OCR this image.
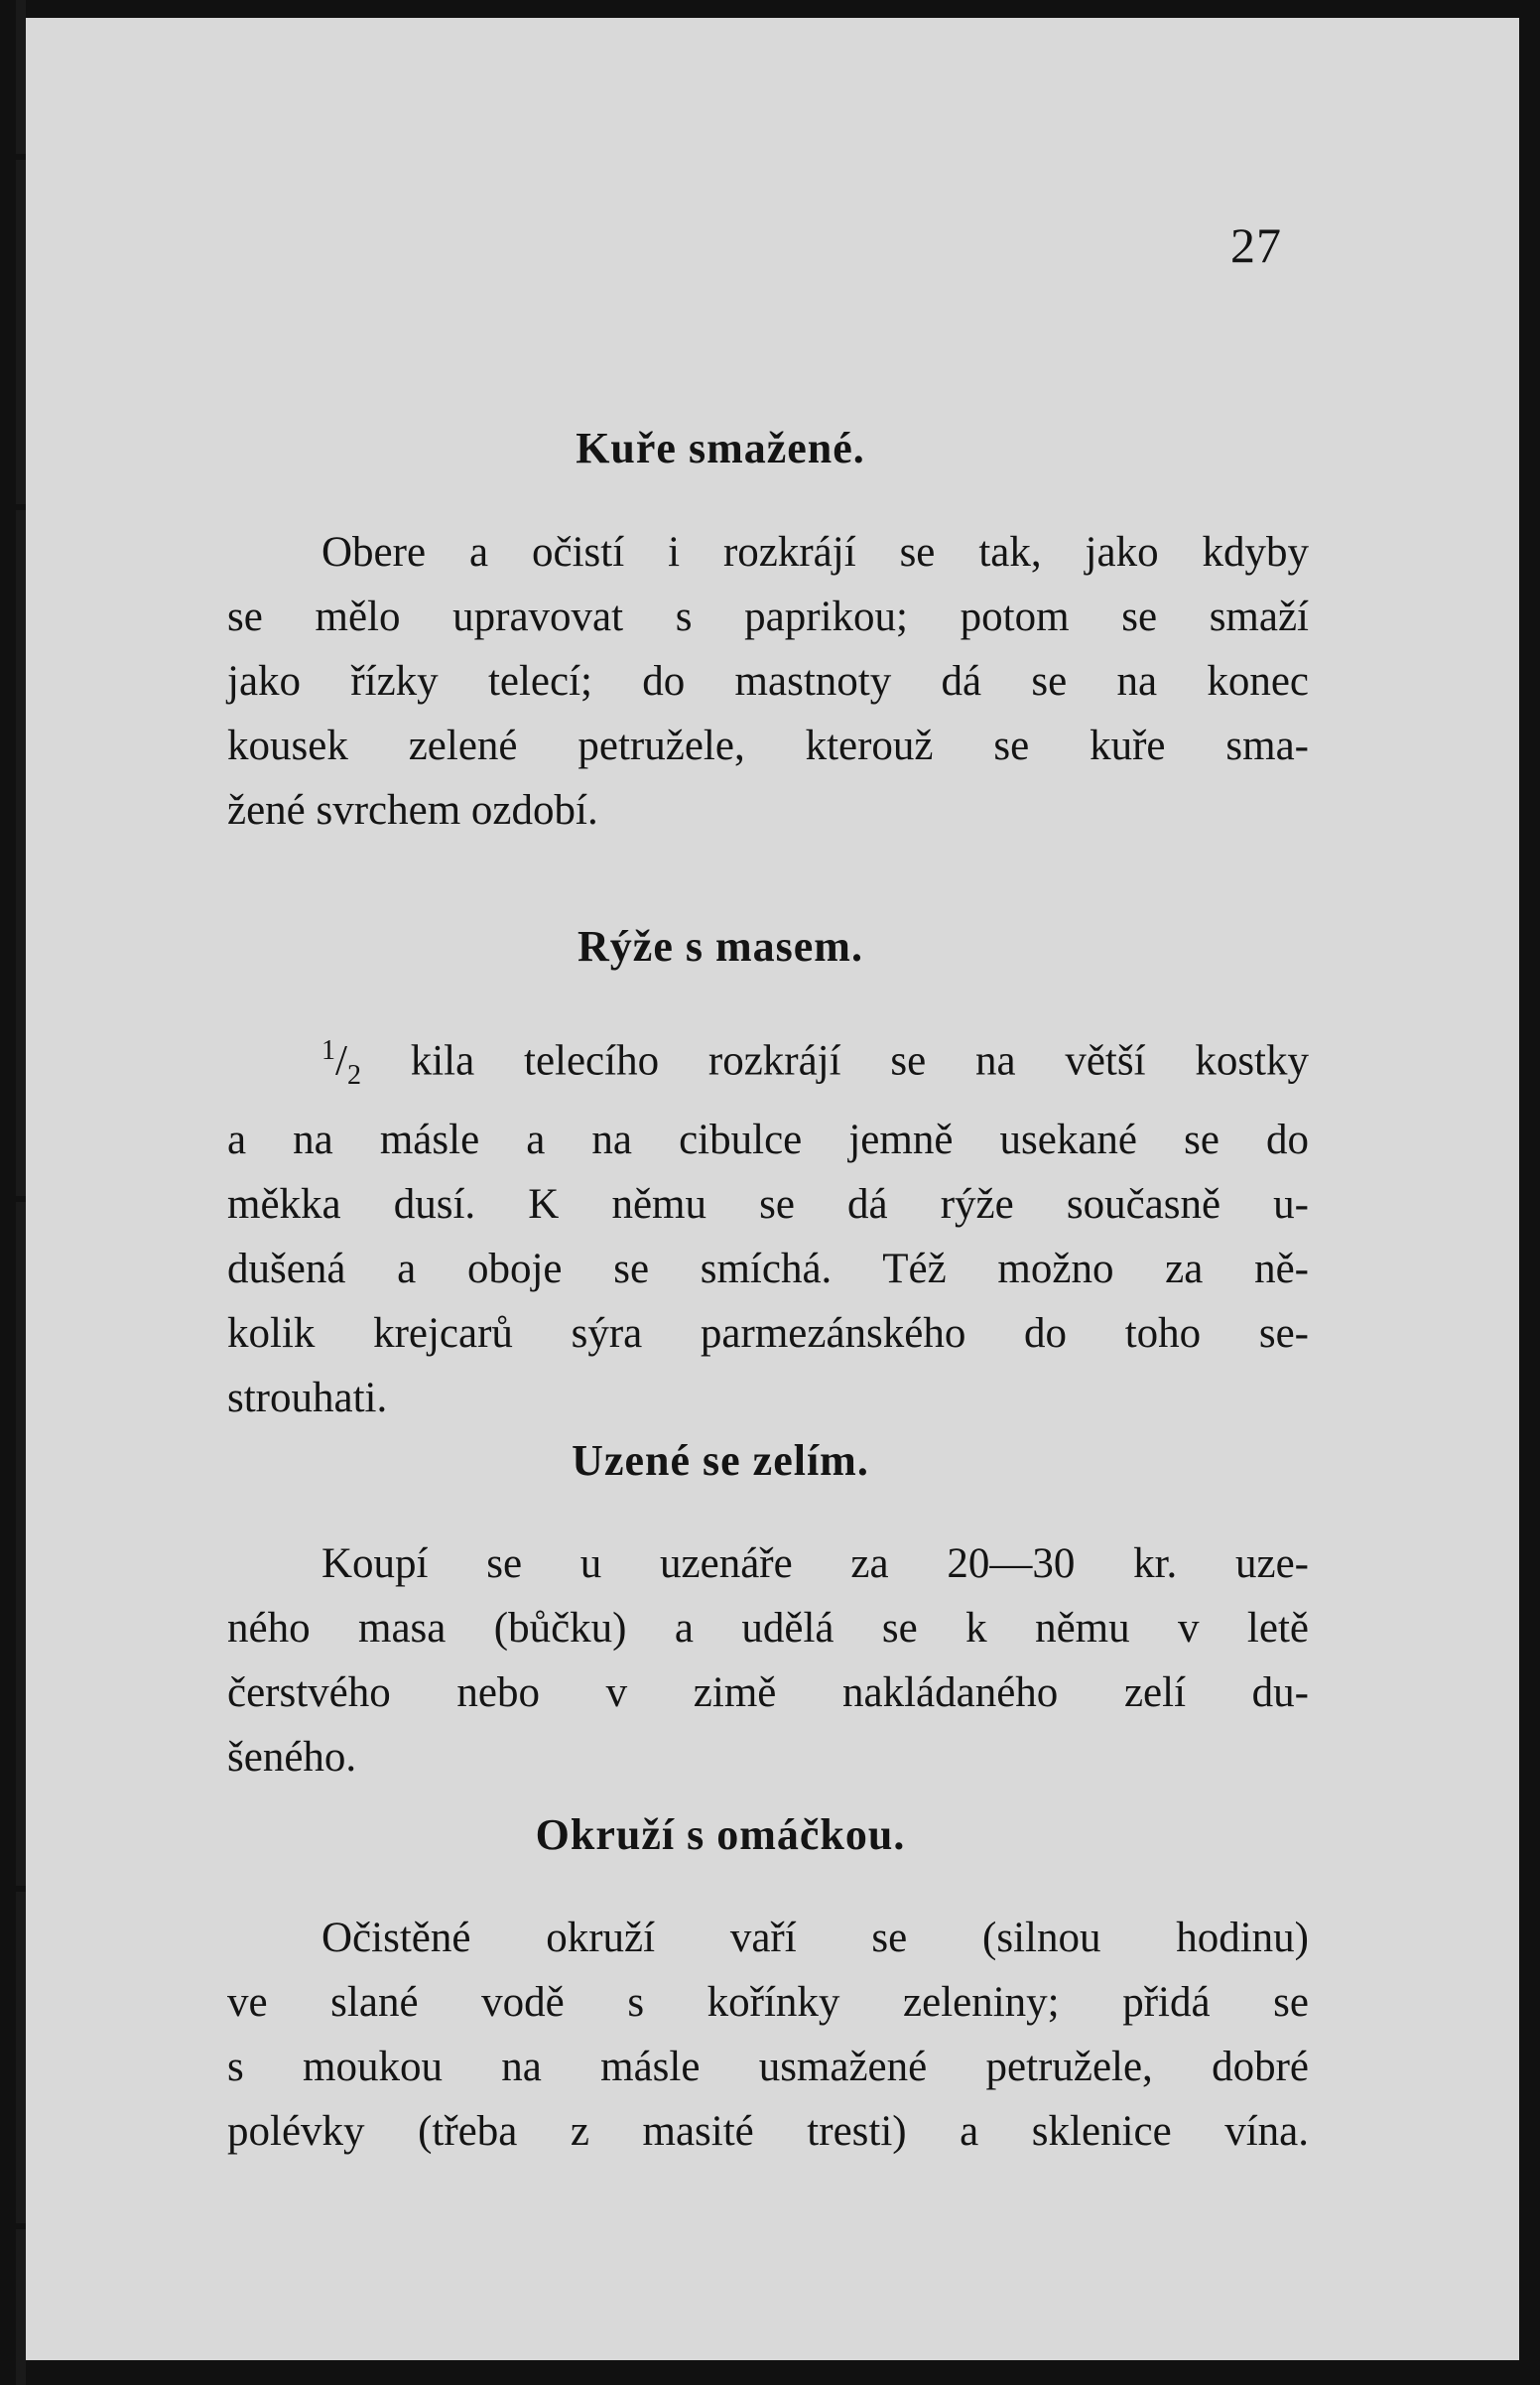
27
Kuře smažené.
Obere a očistí i rozkrájí se tak, jako kdyby
se mělo upravovat s paprikou; potom se smaží
jako řízky telecí; do mastnoty dá se na konec
kousek zelené petružele, kterouž se kuře sma-
žené svrchem ozdobí.
Rýže s masem.
$^1/_2$ kila telecího rozkrájí se na větší kostky
a na másle a na cibulce jemně usekané se do
měkka dusí. K němu se dá rýže současně u-
dušená a oboje se smíchá. Též možno za ně-
kolik krejcarů sýra parmezánského do toho se-
strouhati.
Uzené se zelím.
Koupí se u uzenáře za 20—30 kr. uze-
ného masa (bůčku) a udělá se k němu v letě
čerstvého nebo v zimě nakládaného zelí du-
šeného.
Okruží s omáčkou.
Očistěné okruží vaří se (silnou hodinu)
ve slané vodě s kořínky zeleniny; přidá se
s moukou na másle usmažené petružele, dobré
polévky (třeba z masité tresti) a sklenice vína.
